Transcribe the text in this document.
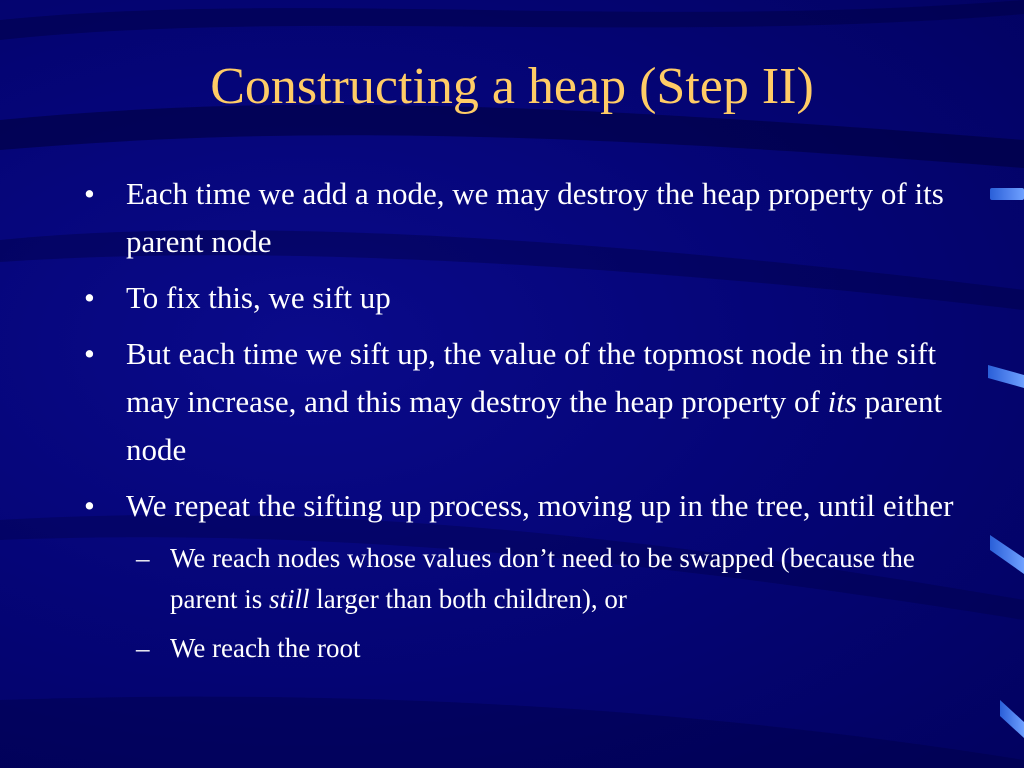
Constructing a heap (Step II)
• Each time we add a node, we may destroy the heap property of its parent node
• To fix this, we sift up
• But each time we sift up, the value of the topmost node in the sift may increase, and this may destroy the heap property of its parent node
• We repeat the sifting up process, moving up in the tree, until either
– We reach nodes whose values don’t need to be swapped (because the parent is still larger than both children), or
– We reach the root
